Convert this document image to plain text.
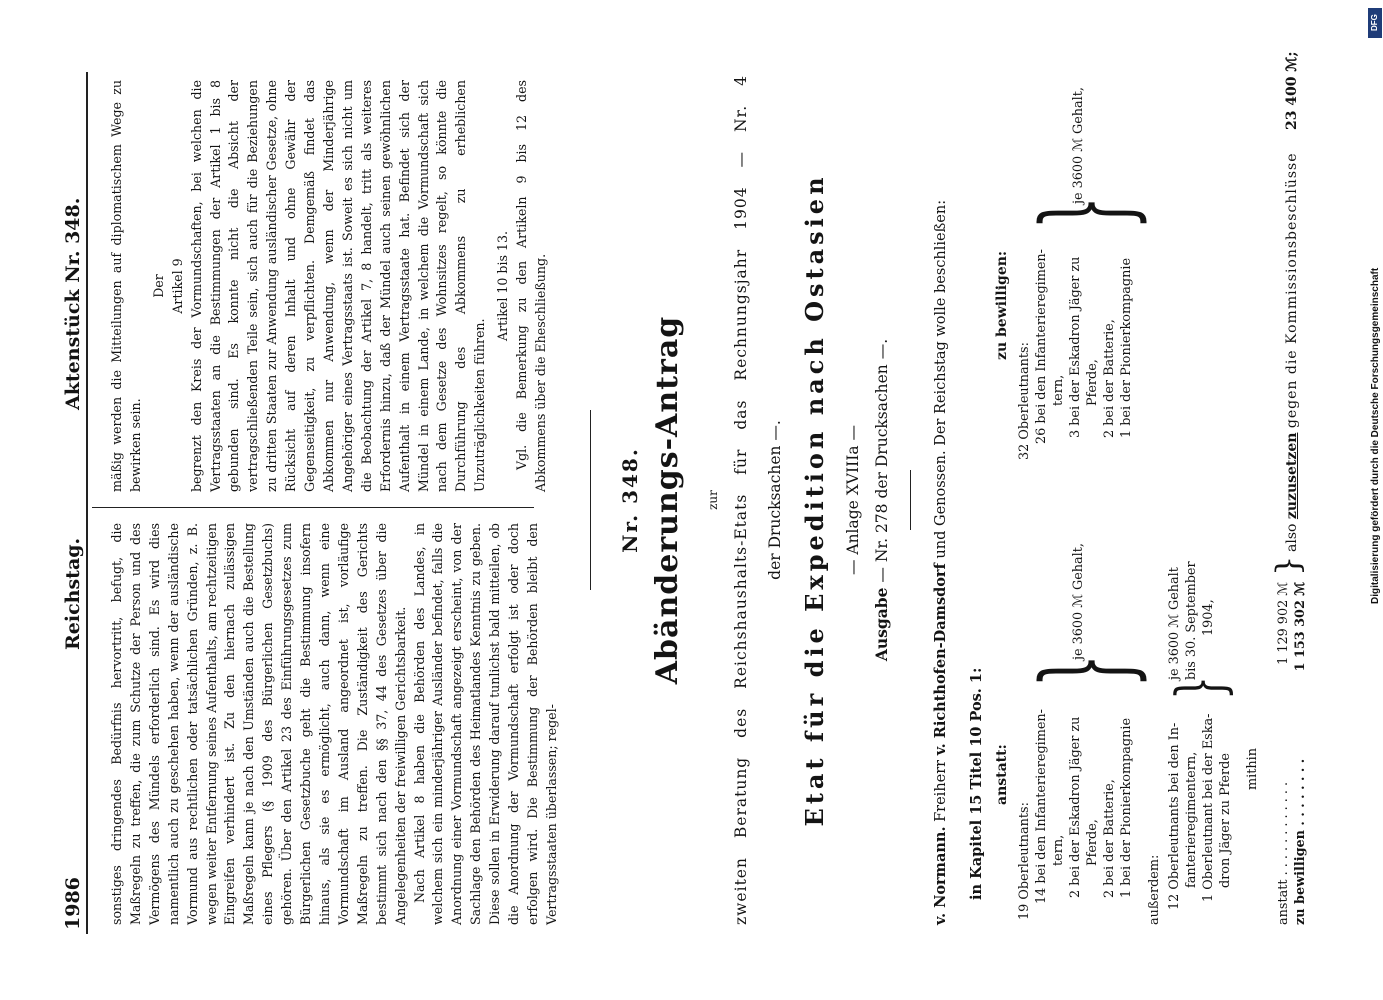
DFG
Digitalisierung gefördert durch die Deutsche Forschungsgemeinschaft
1986
Reichstag.
Aktenstück Nr. 348.

sonstiges dringendes Bedürfnis hervortritt, befugt, die Maßregeln zu treffen, die zum Schutze der Person und des Vermögens des Mündels erforderlich sind. Es wird dies namentlich auch zu geschehen haben, wenn der ausländische Vormund aus rechtlichen oder tatsächlichen Gründen, z. B. wegen weiter Entfernung seines Aufenthalts, am rechtzeitigen Eingreifen verhindert ist. Zu den hiernach zulässigen Maßregeln kann je nach den Umständen auch die Bestellung eines Pflegers (§ 1909 des Bürgerlichen Gesetzbuchs) gehören. Über den Artikel 23 des Einführungsgesetzes zum Bürgerlichen Gesetzbuche geht die Bestimmung insofern hinaus, als sie es ermöglicht, auch dann, wenn eine Vormundschaft im Ausland angeordnet ist, vorläufige Maßregeln zu treffen. Die Zuständigkeit des Gerichts bestimmt sich nach den §§ 37, 44 des Gesetzes über die Angelegenheiten der freiwilligen Gerichtsbarkeit. Nach Artikel 8 haben die Behörden des Landes, in welchem sich ein minderjähriger Ausländer befindet, falls die Anordnung einer Vormundschaft angezeigt erscheint, von der Sachlage den Behörden des Heimatlandes Kenntnis zu geben. Diese sollen in Erwiderung darauf tunlichst bald mitteilen, ob die Anordnung der Vormundschaft erfolgt ist oder doch erfolgen wird. Die Bestimmung der Behörden bleibt den Vertragsstaaten überlassen; regel-

mäßig werden die Mitteilungen auf diplomatischem Wege zu bewirken sein.

Der Artikel 9 begrenzt den Kreis der Vormundschaften, bei welchen die Vertragsstaaten an die Bestimmungen der Artikel 1 bis 8 gebunden sind. Es konnte nicht die Absicht der vertragschließenden Teile sein, sich auch für die Beziehungen zu dritten Staaten zur Anwendung ausländischer Gesetze, ohne Rücksicht auf deren Inhalt und ohne Gewähr der Gegenseitigkeit, zu verpflichten. Demgemäß findet das Abkommen nur Anwendung, wenn der Minderjährige Angehöriger eines Vertragsstaats ist. Soweit es sich nicht um die Beobachtung der Artikel 7, 8 handelt, tritt als weiteres Erfordernis hinzu, daß der Mündel auch seinen gewöhnlichen Aufenthalt in einem Vertragsstaate hat. Befindet sich der Mündel in einem Lande, in welchem die Vormundschaft sich nach dem Gesetze des Wohnsitzes regelt, so könnte die Durchführung des Abkommens zu erheblichen Unzuträglichkeiten führen.

Artikel 10 bis 13. Vgl. die Bemerkung zu den Artikeln 9 bis 12 des Abkommens über die Eheschließung.

Nr. 348. Abänderungs-Antrag zur zweiten Beratung des Reichshaushalts-Etats für das Rechnungsjahr 1904 — Nr. 4 der Drucksachen —. Etat für die Expedition nach Ostasien — Anlage XVIIIa —
Ausgabe — Nr. 278 der Drucksachen —.
v. Normann. Freiherr v. Richthofen-Damsdorf und Genossen. Der Reichstag wolle beschließen:
in Kapitel 15 Titel 10 Pos. 1: anstatt:
zu bewilligen:
19 Oberleutnants: 14 bei den Infanterieregimen- tern, 2 bei der Eskadron Jäger zu Pferde, 2 bei der Batterie, 1 bei der Pionierkompagnie
}
je 3600 ℳ Gehalt,
32 Oberleutnants: 26 bei den Infanterieregimen- tern, 3 bei der Eskadron Jäger zu Pferde, 2 bei der Batterie, 1 bei der Pionierkompagnie
}
je 3600 ℳ Gehalt,
außerdem: 12 Oberleutnants bei den In- fanterieregimentern, 1 Oberleutnant bei der Eska- dron Jäger zu Pferde
}
je 3600 ℳ Gehalt bis 30. September 1904,
mithin
anstatt . . . . . . . . . . . . zu bewilligen . . . . . . . .
1 129 902 ℳ 1 153 302 ℳ
}
also zuzusetzen gegen die Kommissionsbeschlüsse 23 400 ℳ;
